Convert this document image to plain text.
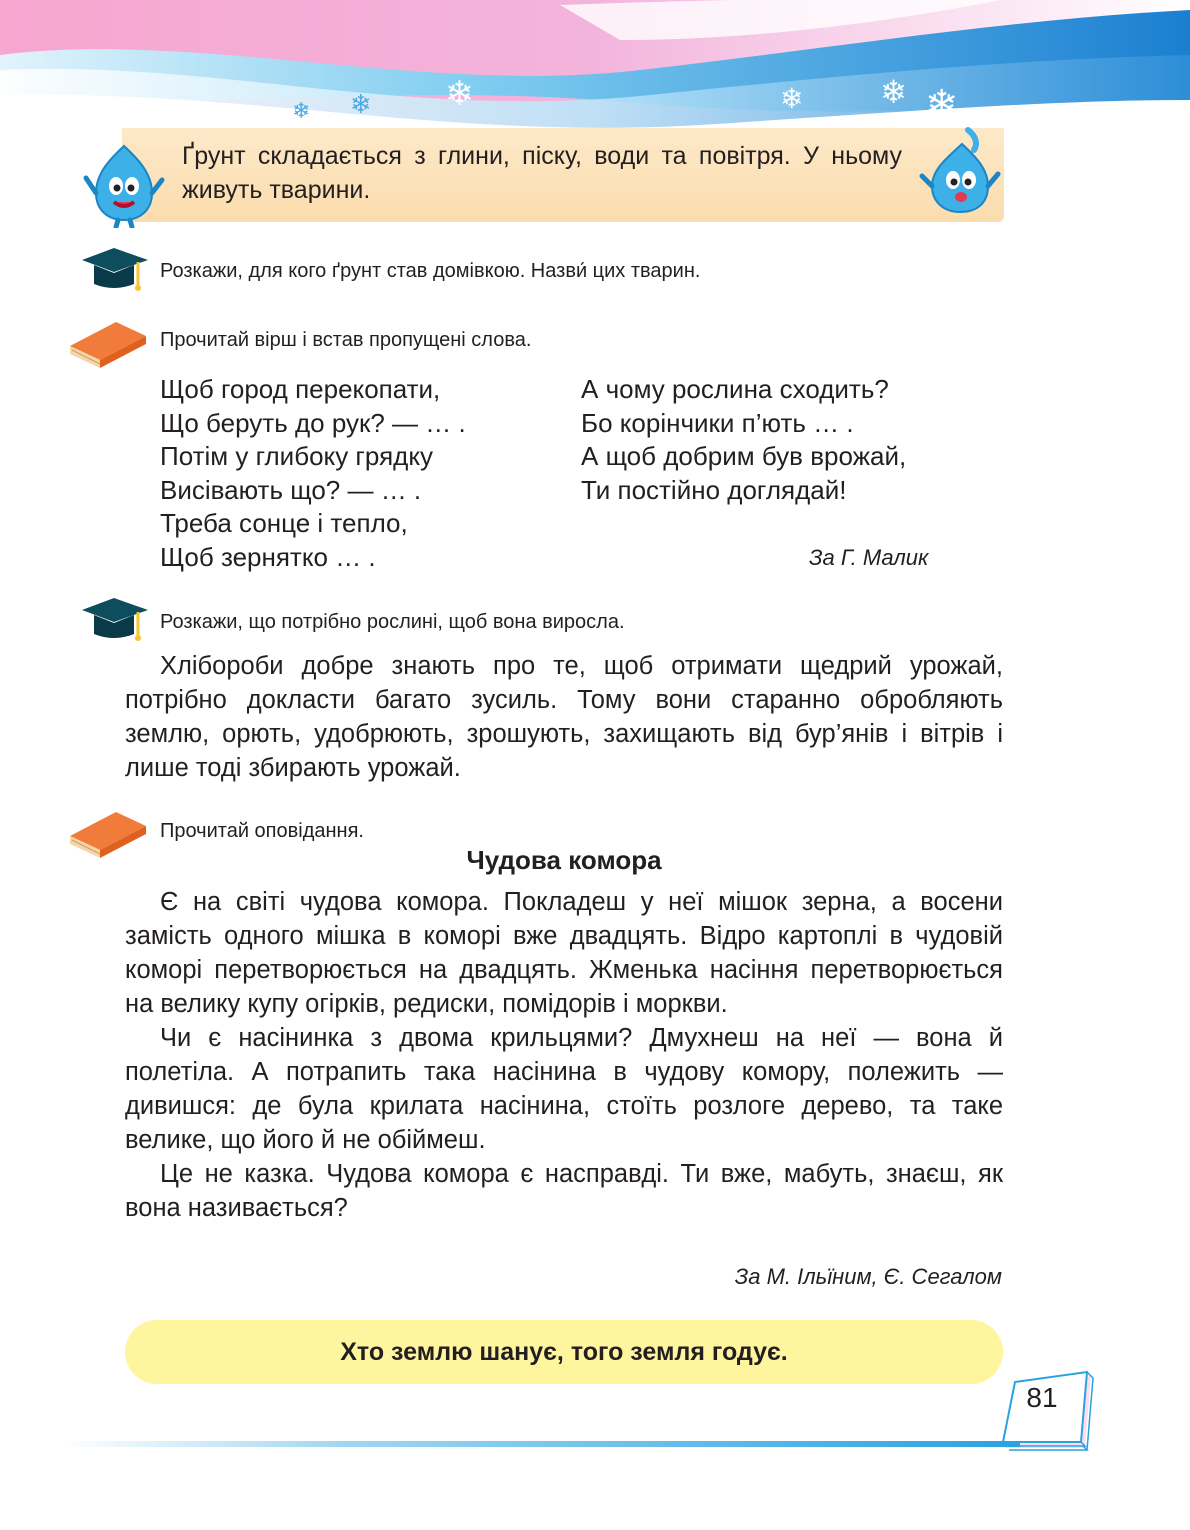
❄ ❄ ❄	❄ ❄ ❄
Ґрунт складається з глини, піску, води та повітря. У ньому живуть тварини.
Розкажи, для кого ґрунт став домівкою. Назви́ цих тварин.
Прочитай вірш і встав пропущені слова.
Щоб город перекопати,
Що беруть до рук? — … .
Потім у глибоку грядку
Висівають що? — … .
Треба сонце і тепло,
Щоб зернятко … .
А чому рослина сходить?
Бо корінчики п’ють … .
А щоб добрим був врожай,
Ти постійно доглядай!
За Г. Малик
Розкажи, що потрібно рослині, щоб вона виросла.

Хлібороби добре знають про те, щоб отримати щедрий урожай, потрібно докласти багато зусиль. Тому вони старанно обробляють землю, орють, удобрюють, зрошують, захищають від бур’янів і вітрів і лише тоді збирають урожай.

Прочитай оповідання.
Чудова комора

Є на світі чудова комора. Покладеш у неї мішок зерна, а восени замість одного мішка в коморі вже двадцять. Відро картоплі в чудовій коморі перетворюється на двадцять. Жменька насіння перетворюється на велику купу огірків, редиски, помідорів і моркви.

Чи є насінинка з двома крильцями? Дмухнеш на неї — вона й полетіла. А потрапить така насінина в чудову комору, полежить — дивишся: де була крилата насінина, стоїть розлоге дерево, та таке велике, що його й не обіймеш.

Це не казка. Чудова комора є насправді. Ти вже, мабуть, знаєш, як вона називається?

За М. Ільїним, Є. Сегалом
Хто землю шанує, того земля годує.
81
